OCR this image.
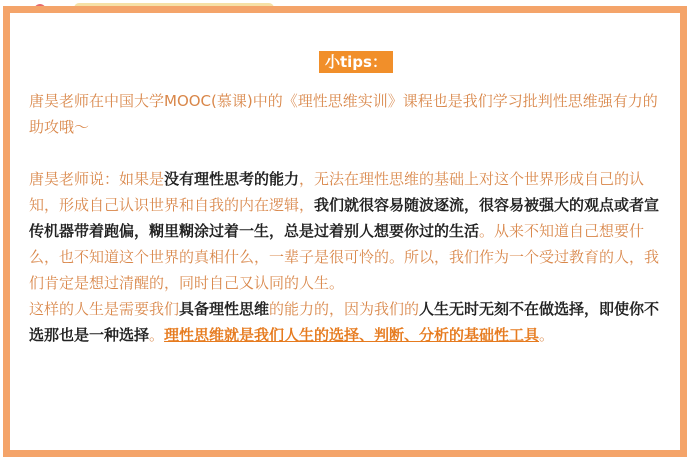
小tips：

唐昊老师在中国大学MOOC(慕课)中的《理性思维实训》课程也是我们学习批判性思维强有力的助攻哦～

唐昊老师说：如果是没有理性思考的能力，无法在理性思维的基础上对这个世界形成自己的认知，形成自己认识世界和自我的内在逻辑，我们就很容易随波逐流，很容易被强大的观点或者宣传机器带着跑偏，糊里糊涂过着一生，总是过着别人想要你过的生活。从来不知道自己想要什么，也不知道这个世界的真相什么，一辈子是很可怜的。所以，我们作为一个受过教育的人，我们肯定是想过清醒的，同时自己又认同的人生。

这样的人生是需要我们具备理性思维的能力的，因为我们的人生无时无刻不在做选择，即使你不选那也是一种选择。理性思维就是我们人生的选择、判断、分析的基础性工具。
